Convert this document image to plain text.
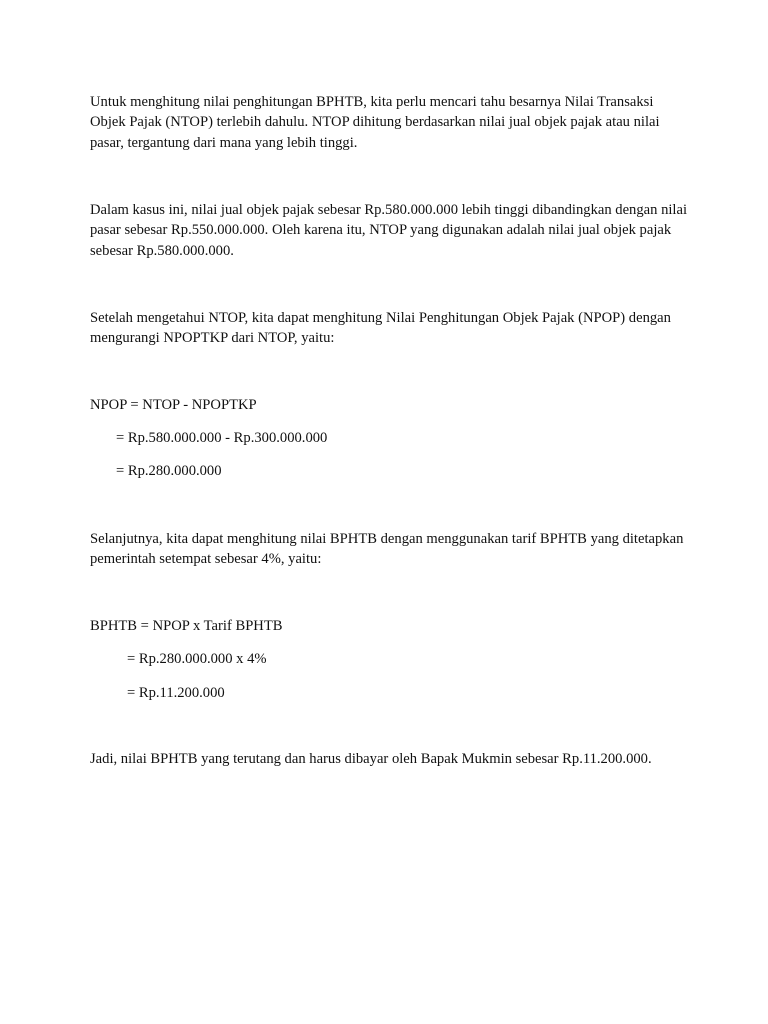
Untuk menghitung nilai penghitungan BPHTB, kita perlu mencari tahu besarnya Nilai Transaksi Objek Pajak (NTOP) terlebih dahulu. NTOP dihitung berdasarkan nilai jual objek pajak atau nilai pasar, tergantung dari mana yang lebih tinggi.

Dalam kasus ini, nilai jual objek pajak sebesar Rp.580.000.000 lebih tinggi dibandingkan dengan nilai pasar sebesar Rp.550.000.000. Oleh karena itu, NTOP yang digunakan adalah nilai jual objek pajak sebesar Rp.580.000.000.

Setelah mengetahui NTOP, kita dapat menghitung Nilai Penghitungan Objek Pajak (NPOP) dengan mengurangi NPOPTKP dari NTOP, yaitu:

NPOP = NTOP - NPOPTKP

= Rp.580.000.000 - Rp.300.000.000

= Rp.280.000.000

Selanjutnya, kita dapat menghitung nilai BPHTB dengan menggunakan tarif BPHTB yang ditetapkan pemerintah setempat sebesar 4%, yaitu:

BPHTB = NPOP x Tarif BPHTB

= Rp.280.000.000 x 4%

= Rp.11.200.000

Jadi, nilai BPHTB yang terutang dan harus dibayar oleh Bapak Mukmin sebesar Rp.11.200.000.
